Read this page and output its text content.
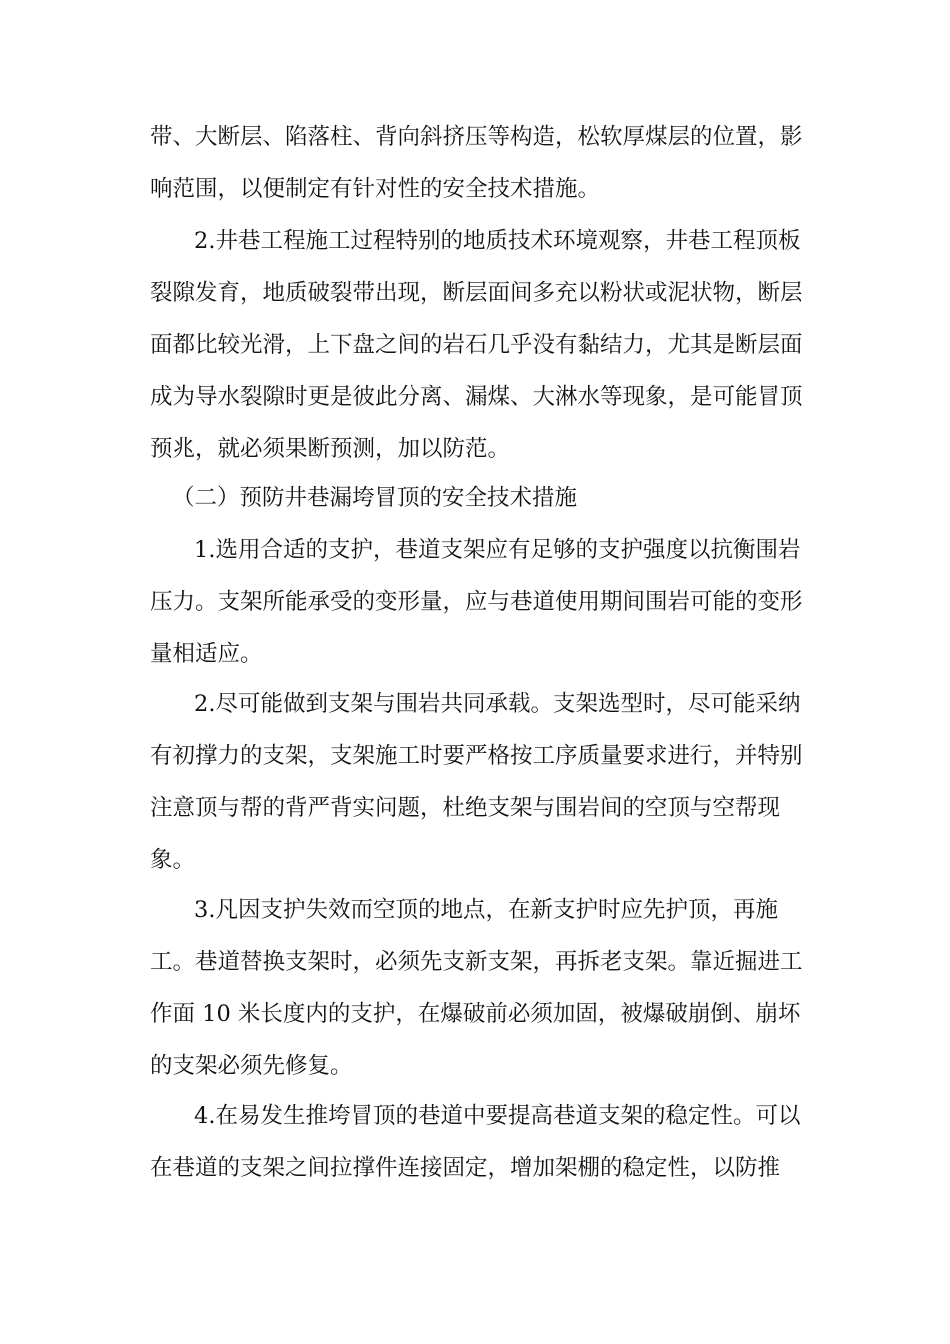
带、大断层、陷落柱、背向斜挤压等构造，松软厚煤层的位置，影
响范围，以便制定有针对性的安全技术措施。
2.井巷工程施工过程特别的地质技术环境观察，井巷工程顶板
裂隙发育，地质破裂带出现，断层面间多充以粉状或泥状物，断层
面都比较光滑，上下盘之间的岩石几乎没有黏结力，尤其是断层面
成为导水裂隙时更是彼此分离、漏煤、大淋水等现象，是可能冒顶
预兆，就必须果断预测，加以防范。
（二）预防井巷漏垮冒顶的安全技术措施
1.选用合适的支护，巷道支架应有足够的支护强度以抗衡围岩
压力。支架所能承受的变形量，应与巷道使用期间围岩可能的变形
量相适应。
2.尽可能做到支架与围岩共同承载。支架选型时，尽可能采纳
有初撑力的支架，支架施工时要严格按工序质量要求进行，并特别
注意顶与帮的背严背实问题，杜绝支架与围岩间的空顶与空帮现
象。
3.凡因支护失效而空顶的地点，在新支护时应先护顶，再施
工。巷道替换支架时，必须先支新支架，再拆老支架。靠近掘进工
作面 10 米长度内的支护，在爆破前必须加固，被爆破崩倒、崩坏
的支架必须先修复。
4.在易发生推垮冒顶的巷道中要提高巷道支架的稳定性。可以
在巷道的支架之间拉撑件连接固定，增加架棚的稳定性，以防推
